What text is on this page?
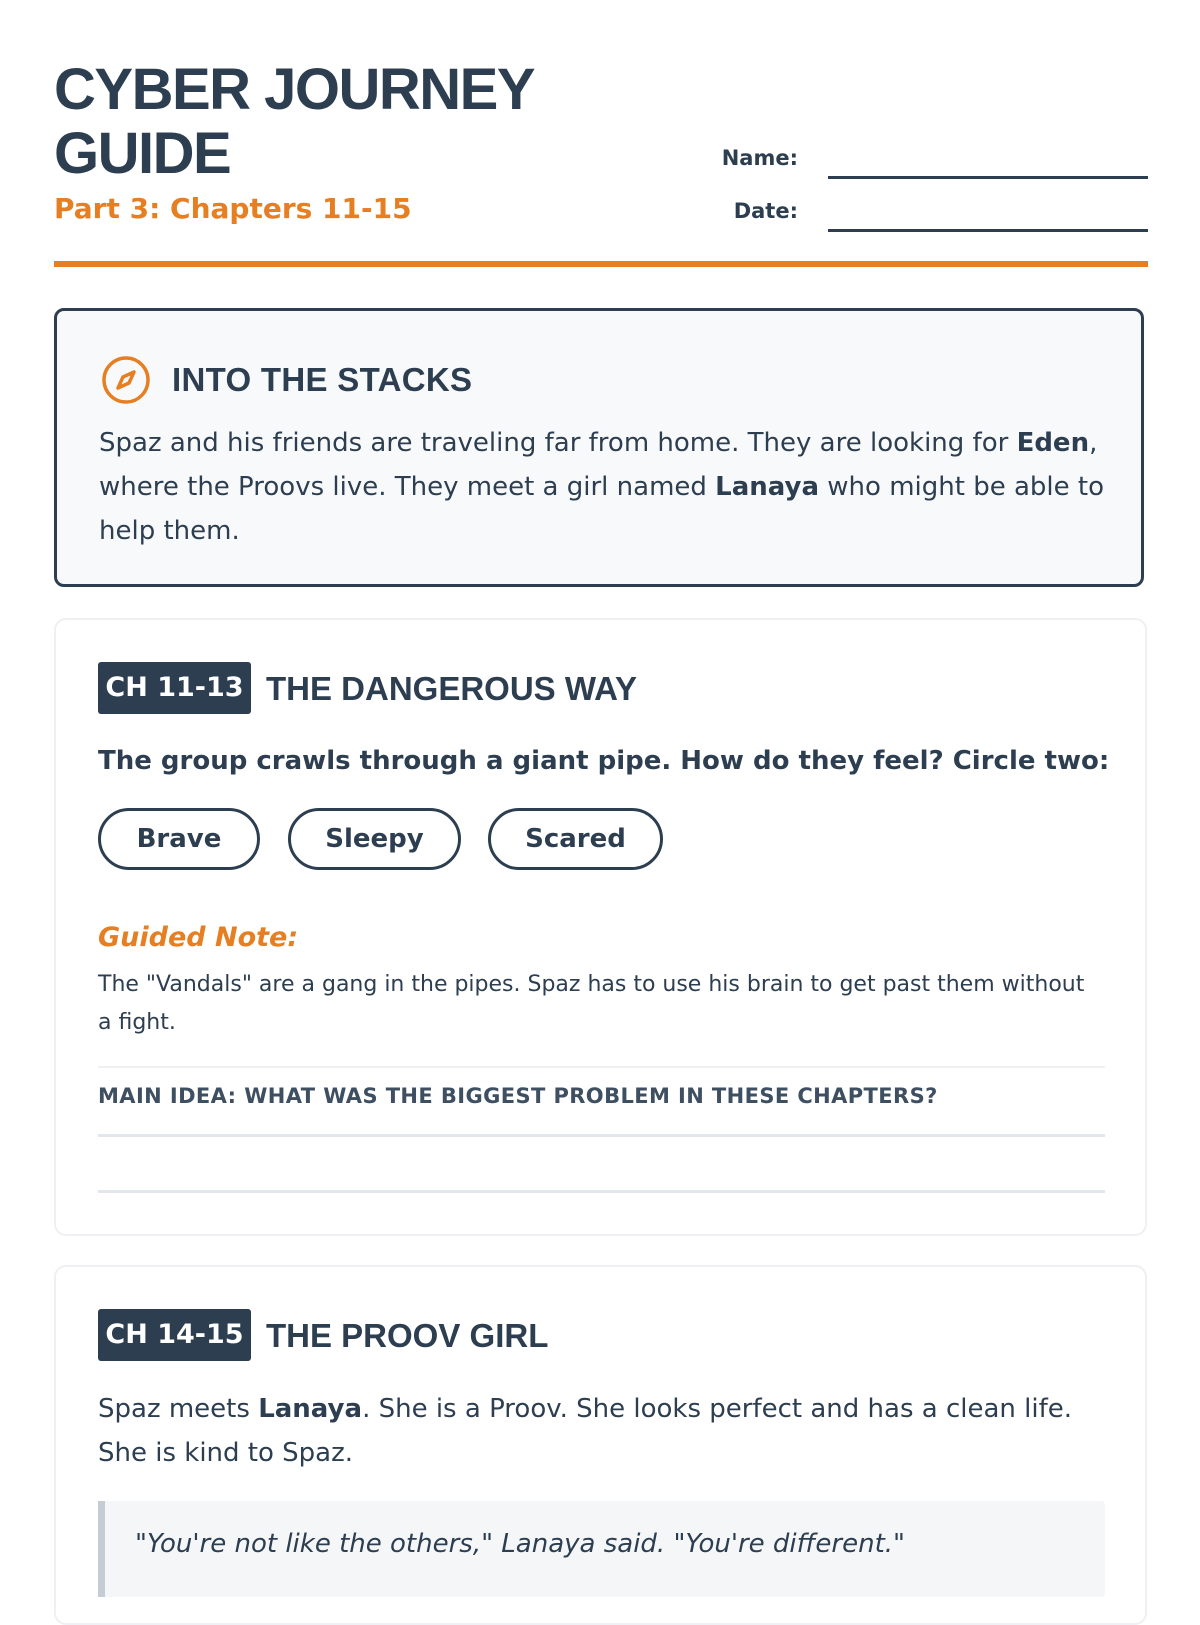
CYBER JOURNEY
GUIDE

Part 3: Chapters 11-15

Name:
Date:
INTO THE STACKS

Spaz and his friends are traveling far from home. They are looking for Eden, where the Proovs live. They meet a girl named Lanaya who might be able to help them.

CH 11-13 THE DANGEROUS WAY

The group crawls through a giant pipe. How do they feel? Circle two:

Brave	Sleepy	Scared

Guided Note:

The "Vandals" are a gang in the pipes. Spaz has to use his brain to get past them without a fight.

MAIN IDEA: WHAT WAS THE BIGGEST PROBLEM IN THESE CHAPTERS?

CH 14-15 THE PROOV GIRL

Spaz meets Lanaya. She is a Proov. She looks perfect and has a clean life. She is kind to Spaz.

"You're not like the others," Lanaya said. "You're different."
